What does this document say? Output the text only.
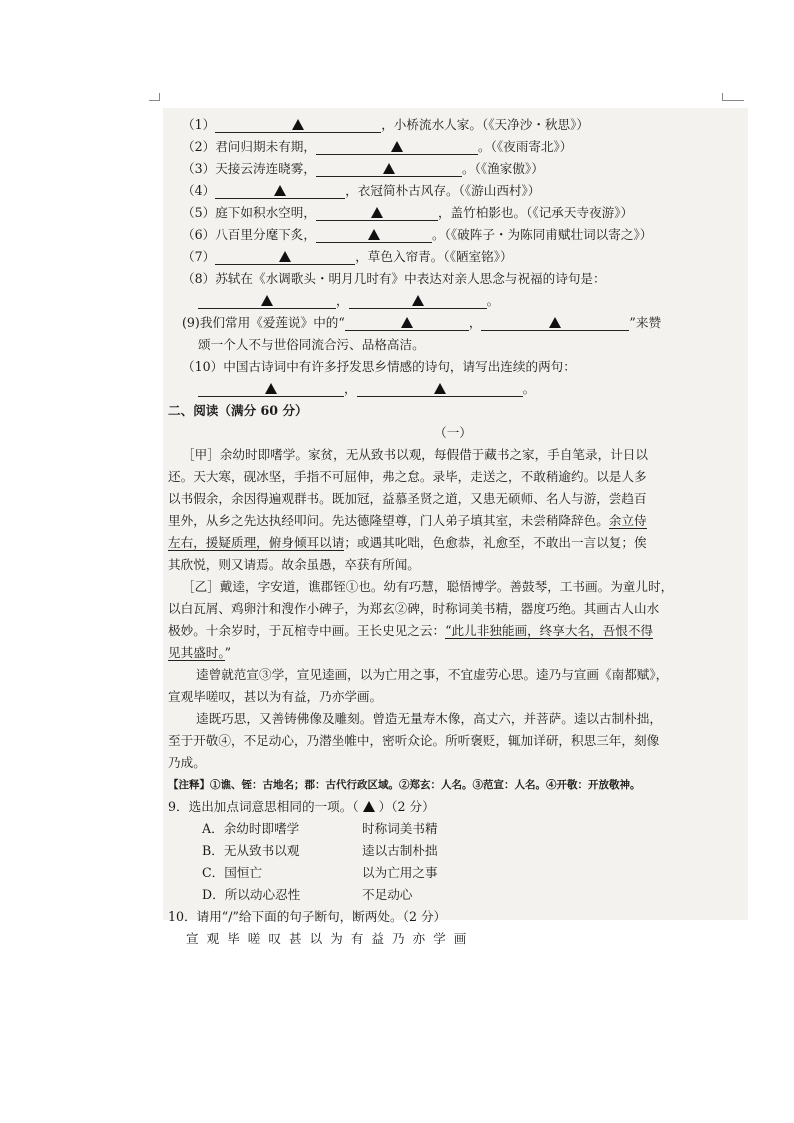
（1）	，小桥流水人家。（《天净沙・秋思》）
（2）君问归期未有期，	。（《夜雨寄北》）
（3）天接云涛连晓雾，	。（《渔家傲》）
（4）	，衣冠简朴古风存。（《游山西村》）
（5）庭下如积水空明，	，盖竹柏影也。（《记承天寺夜游》）
（6）八百里分麾下炙，	。（《破阵子・为陈同甫赋壮词以寄之》）
（7）	，草色入帘青。（《陋室铭》）
（8）苏轼在《水调歌头・明月几时有》中表达对亲人思念与祝福的诗句是：
，	。
(9)我们常用《爱莲说》中的“	，	”来赞
颂一个人不与世俗同流合污、品格高洁。
（10）中国古诗词中有许多抒发思乡情感的诗句，请写出连续的两句：
，	。
二、阅读（满分 60 分）
（一）
［甲］余幼时即嗜学。家贫，无从致书以观，每假借于藏书之家，手自笔录，计日以
还。天大寒，砚冰坚，手指不可屈伸，弗之怠。录毕，走送之，不敢稍逾约。以是人多
以书假余，余因得遍观群书。既加冠，益慕圣贤之道，又患无硕师、名人与游，尝趋百
里外，从乡之先达执经叩问。先达德隆望尊，门人弟子填其室，未尝稍降辞色。余立侍
左右，援疑质理，俯身倾耳以请；或遇其叱咄，色愈恭，礼愈至，不敢出一言以复；俟
其欣悦，则又请焉。故余虽愚，卒获有所闻。
［乙］戴逵，字安道，谯郡铚①也。幼有巧慧，聪悟博学。善鼓琴，工书画。为童儿时，
以白瓦屑、鸡卵汁和溲作小碑子，为郑玄②碑，时称词美书精，器度巧绝。其画古人山水
极妙。十余岁时，于瓦棺寺中画。王长史见之云：“此儿非独能画，终享大名，吾恨不得
见其盛时。”
逵曾就范宣③学，宣见逵画，以为亡用之事，不宜虚劳心思。逵乃与宣画《南都赋》，
宣观毕嗟叹，甚以为有益，乃亦学画。
逵既巧思，又善铸佛像及雕刻。曾造无量寿木像，高丈六，并菩萨。逵以古制朴拙，
至于开敬④，不足动心，乃潜坐帷中，密听众论。所听褒贬，辄加详研，积思三年，刻像
乃成。
【注释】①谯、铚：古地名；郡：古代行政区域。②郑玄：人名。③范宣：人名。④开敬：开放敬神。
9．选出加点词意思相同的一项。（ ）（2 分）
A．余幼时即嗜学	时称词美书精
B．无从致书以观	逵以古制朴拙
C．国恒亡	以为亡用之事
D．所以动心忍性	不足动心
10．请用“/”给下面的句子断句，断两处。（2 分）
宣观毕嗟叹甚以为有益乃亦学画
